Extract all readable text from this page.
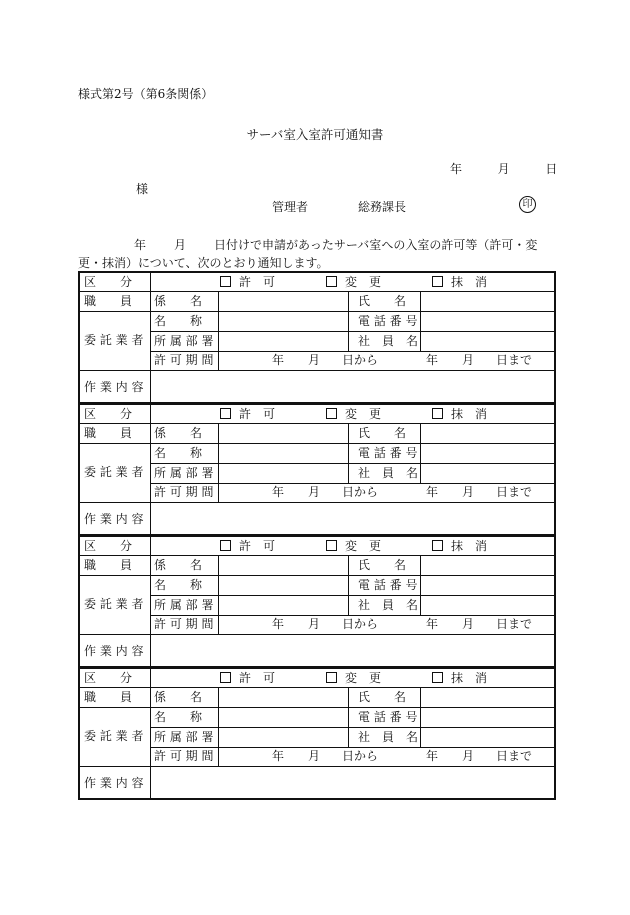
様式第2号（第6条関係）
サーバ室入室許可通知書
年	月	日
様
管理者	総務課長	印
年 月 日付けで申請があったサーバ室への入室の許可等（許可・変更・抹消）について、次のとおり通知します。
区　　分	許　可	変　更	抹　消
職　　員 係　　名	氏　　名
委 託 業 者
名　　称	電 話 番 号
所 属 部 署	社　員　名
許 可 期 間	年 月 日から	年 月 日まで
作 業 内 容
区　　分	許　可	変　更	抹　消
職　　員 係　　名	氏　　名
委 託 業 者
名　　称	電 話 番 号
所 属 部 署	社　員　名
許 可 期 間	年 月 日から	年 月 日まで
作 業 内 容
区　　分	許　可	変　更	抹　消
職　　員 係　　名	氏　　名
委 託 業 者
名　　称	電 話 番 号
所 属 部 署	社　員　名
許 可 期 間	年 月 日から	年 月 日まで
作 業 内 容
区　　分	許　可	変　更	抹　消
職　　員 係　　名	氏　　名
委 託 業 者
名　　称	電 話 番 号
所 属 部 署	社　員　名
許 可 期 間	年 月 日から	年 月 日まで
作 業 内 容
